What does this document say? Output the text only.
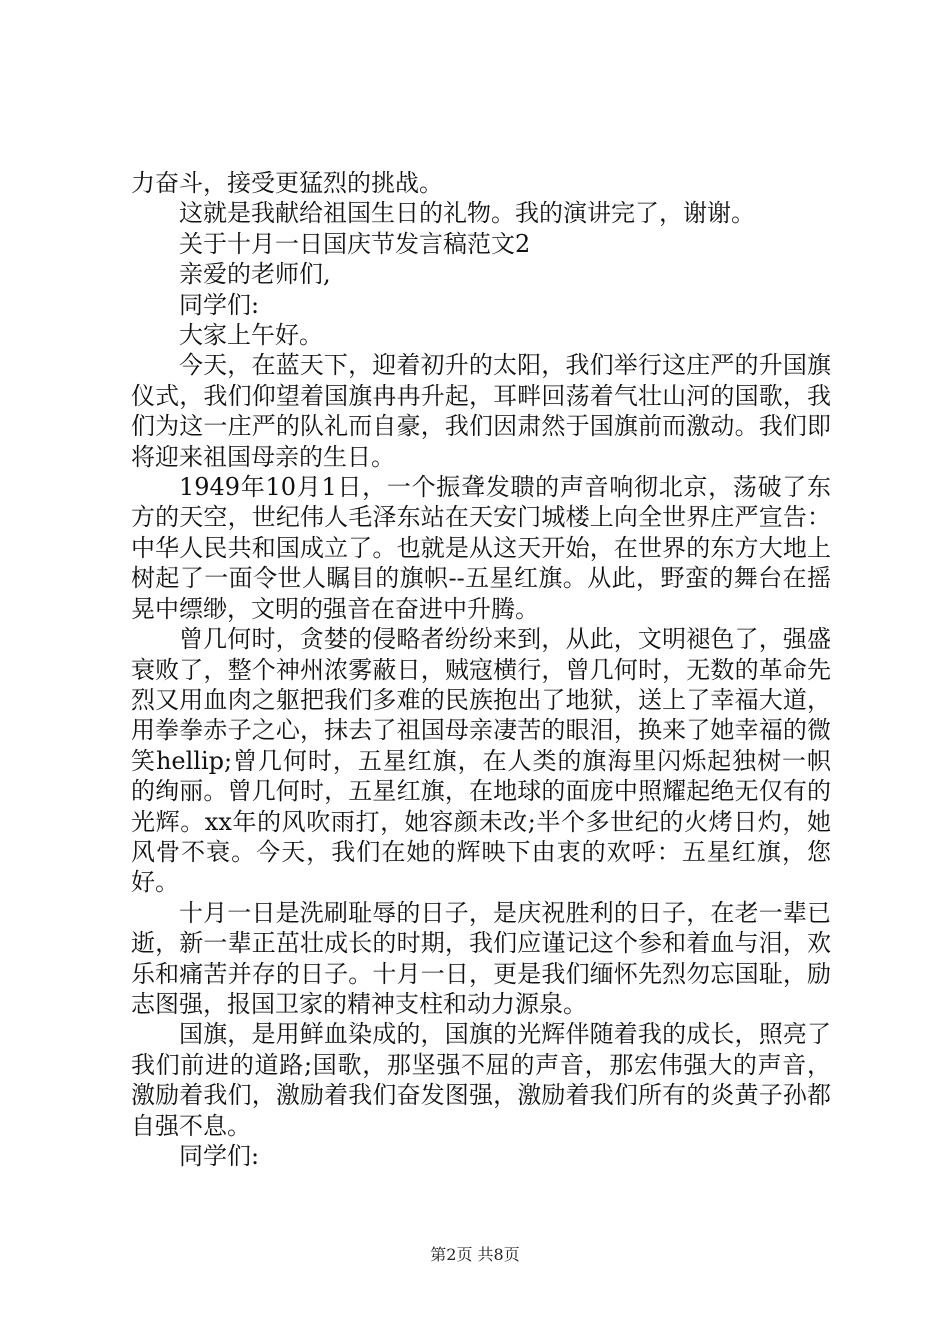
力奋斗，接受更猛烈的挑战。

这就是我献给祖国生日的礼物。我的演讲完了，谢谢。

关于十月一日国庆节发言稿范文2

亲爱的老师们,

同学们:

大家上午好。

今天，在蓝天下，迎着初升的太阳，我们举行这庄严的升国旗仪式，我们仰望着国旗冉冉升起，耳畔回荡着气壮山河的国歌，我们为这一庄严的队礼而自豪，我们因肃然于国旗前而激动。我们即将迎来祖国母亲的生日。

1949年10月1日，一个振聋发聩的声音响彻北京，荡破了东方的天空，世纪伟人毛泽东站在天安门城楼上向全世界庄严宣告：中华人民共和国成立了。也就是从这天开始，在世界的东方大地上树起了一面令世人瞩目的旗帜--五星红旗。从此，野蛮的舞台在摇晃中缥缈，文明的强音在奋进中升腾。

曾几何时，贪婪的侵略者纷纷来到，从此，文明褪色了，强盛衰败了，整个神州浓雾蔽日，贼寇横行，曾几何时，无数的革命先烈又用血肉之躯把我们多难的民族抱出了地狱，送上了幸福大道，用拳拳赤子之心，抹去了祖国母亲凄苦的眼泪，换来了她幸福的微笑hellip;曾几何时，五星红旗，在人类的旗海里闪烁起独树一帜的绚丽。曾几何时，五星红旗，在地球的面庞中照耀起绝无仅有的光辉。xx年的风吹雨打，她容颜未改;半个多世纪的火烤日灼，她风骨不衰。今天，我们在她的辉映下由衷的欢呼：五星红旗，您好。

十月一日是洗刷耻辱的日子，是庆祝胜利的日子，在老一辈已逝，新一辈正茁壮成长的时期，我们应谨记这个参和着血与泪，欢乐和痛苦并存的日子。十月一日，更是我们缅怀先烈勿忘国耻，励志图强，报国卫家的精神支柱和动力源泉。

国旗，是用鲜血染成的，国旗的光辉伴随着我的成长，照亮了我们前进的道路;国歌，那坚强不屈的声音，那宏伟强大的声音，激励着我们，激励着我们奋发图强，激励着我们所有的炎黄子孙都自强不息。

同学们:

第2页 共8页
